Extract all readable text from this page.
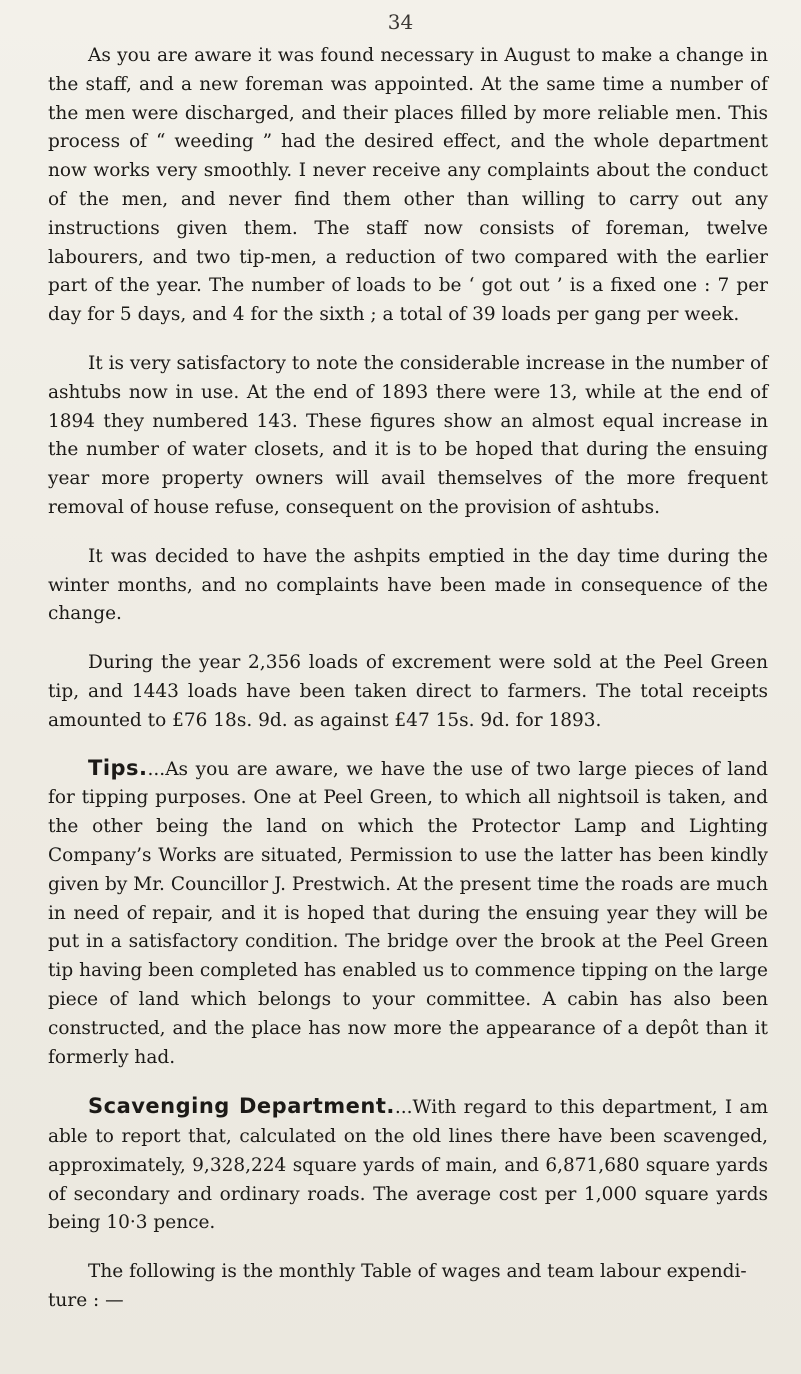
34

As you are aware it was found necessary in August to make a change in the staff, and a new foreman was appointed. At the same time a number of the men were discharged, and their places filled by more reliable men. This process of “ weeding ” had the desired effect, and the whole department now works very smoothly. I never receive any complaints about the conduct of the men, and never find them other than willing to carry out any instructions given them. The staff now consists of foreman, twelve labourers, and two tip-men, a reduction of two compared with the earlier part of the year. The number of loads to be ‘ got out ’ is a fixed one : 7 per day for 5 days, and 4 for the sixth ; a total of 39 loads per gang per week.

It is very satisfactory to note the considerable increase in the number of ashtubs now in use. At the end of 1893 there were 13, while at the end of 1894 they numbered 143. These figures show an almost equal increase in the number of water closets, and it is to be hoped that during the ensuing year more property owners will avail themselves of the more frequent removal of house refuse, consequent on the provision of ashtubs.

It was decided to have the ashpits emptied in the day time during the winter months, and no complaints have been made in consequence of the change.

During the year 2,356 loads of excrement were sold at the Peel Green tip, and 1443 loads have been taken direct to farmers. The total receipts amounted to £76 18s. 9d. as against £47 15s. 9d. for 1893.

Tips....As you are aware, we have the use of two large pieces of land for tipping purposes. One at Peel Green, to which all nightsoil is taken, and the other being the land on which the Protector Lamp and Lighting Company’s Works are situated, Permission to use the latter has been kindly given by Mr. Councillor J. Prestwich. At the present time the roads are much in need of repair, and it is hoped that during the ensuing year they will be put in a satisfactory condition. The bridge over the brook at the Peel Green tip having been completed has enabled us to commence tipping on the large piece of land which belongs to your committee. A cabin has also been constructed, and the place has now more the appearance of a depôt than it formerly had.

Scavenging Department....With regard to this department, I am able to report that, calculated on the old lines there have been scavenged, approximately, 9,328,224 square yards of main, and 6,871,680 square yards of secondary and ordinary roads. The average cost per 1,000 square yards being 10·3 pence.

The following is the monthly Table of wages and team labour expendi-

ture : —
